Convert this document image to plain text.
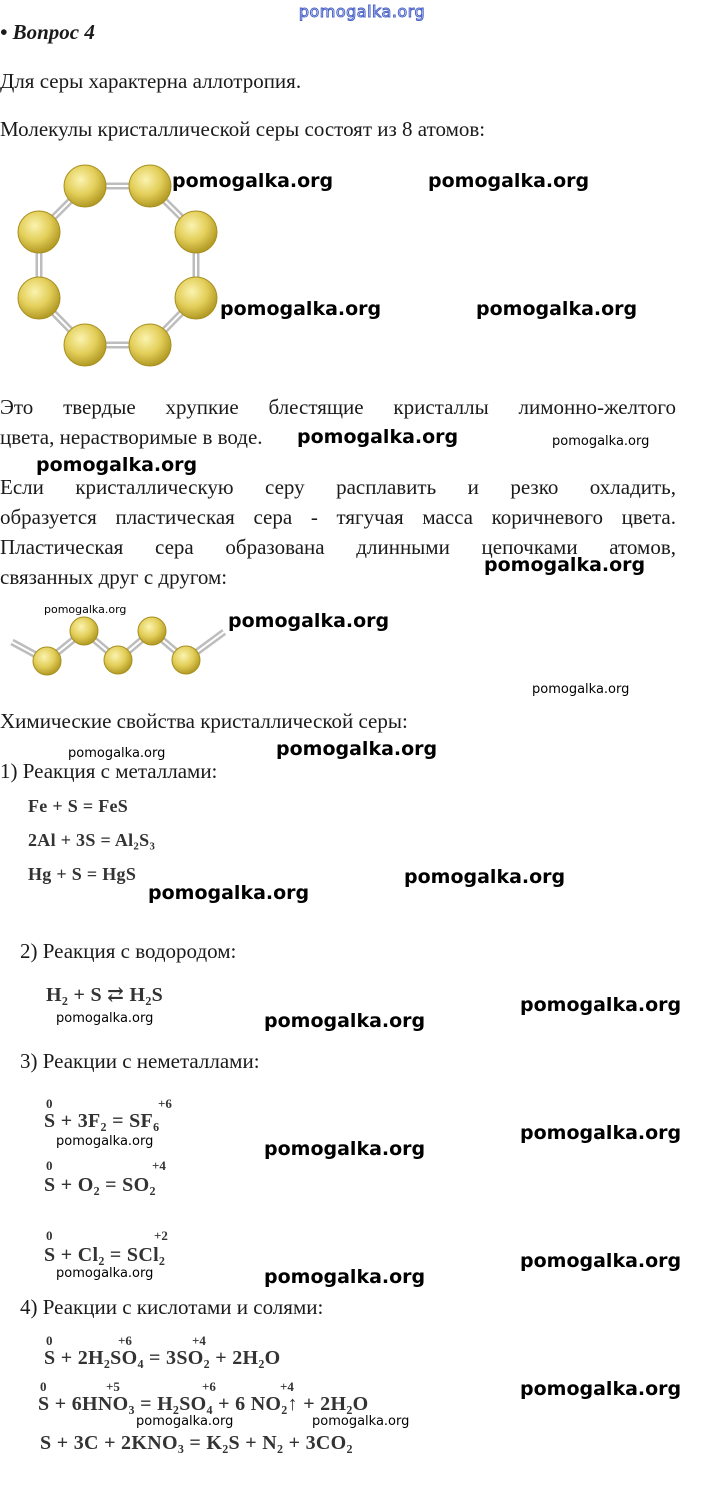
pomogalka.org
• Вопрос 4
Для серы характерна аллотропия.
Молекулы кристаллической серы состоят из 8 атомов:
pomogalka.org	pomogalka.org
pomogalka.org	pomogalka.org
Это твердые хрупкие блестящие кристаллы лимонно-желтого
цвета, нерастворимые в воде. pomogalka.org	pomogalka.org
pomogalka.org
Если кристаллическую серу расплавить и резко охладить,
образуется пластическая сера - тягучая масса коричневого цвета.
Пластическая сера образована длинными цепочками атомов,
связанных друг с другом:	pomogalka.org
pomogalka.org
pomogalka.org
pomogalka.org
Химические свойства кристаллической серы:
pomogalka.org	pomogalka.org
1) Реакция с металлами:
Fe + S = FeS
2Al + 3S = Al₂S₃
Hg + S = HgS
pomogalka.org
pomogalka.org
2) Реакция с водородом:
H₂ + S ⇄ H₂S
pomogalka.org	pomogalka.org
pomogalka.org
3) Реакции с неметаллами:
0	+6
S + 3F₂ = SF₆
pomogalka.org	pomogalka.org
pomogalka.org
0	+4
S + O₂ = SO₂
0	+2
S + Cl₂ = SCl₂
pomogalka.org	pomogalka.org
pomogalka.org
4) Реакции с кислотами и солями:
0	+6	+4
S + 2H₂SO₄ = 3SO₂ + 2H₂O
0	+5	+6	+4
S + 6HNO₃ = H₂SO₄ + 6 NO₂↑ + 2H₂O
pomogalka.org
pomogalka.org	pomogalka.org
S + 3C + 2KNO₃ = K₂S + N₂ + 3CO₂
